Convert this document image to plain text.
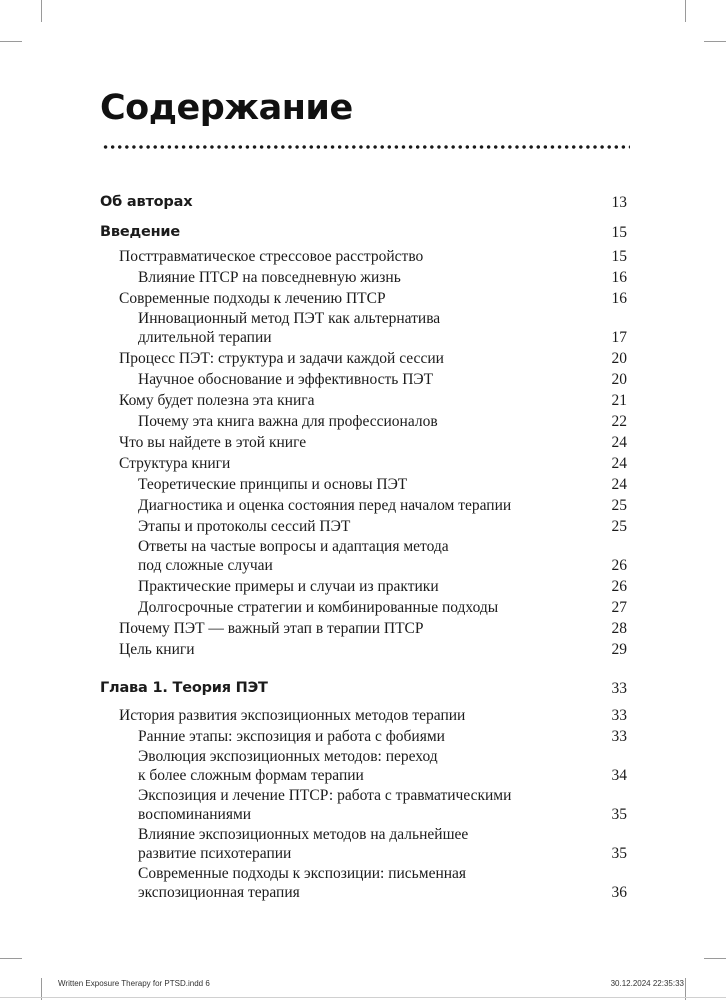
Содержание
Об авторах	13
Введение	15
Посттравматическое стрессовое расстройство	15
Влияние ПТСР на повседневную жизнь	16
Современные подходы к лечению ПТСР	16
Инновационный метод ПЭТ как альтернатива
длительной терапии	17
Процесс ПЭТ: структура и задачи каждой сессии	20
Научное обоснование и эффективность ПЭТ	20
Кому будет полезна эта книга	21
Почему эта книга важна для профессионалов	22
Что вы найдете в этой книге	24
Структура книги	24
Теоретические принципы и основы ПЭТ	24
Диагностика и оценка состояния перед началом терапии	25
Этапы и протоколы сессий ПЭТ	25
Ответы на частые вопросы и адаптация метода
под сложные случаи	26
Практические примеры и случаи из практики	26
Долгосрочные стратегии и комбинированные подходы	27
Почему ПЭТ — важный этап в терапии ПТСР	28
Цель книги	29
Глава 1. Теория ПЭТ	33
История развития экспозиционных методов терапии	33
Ранние этапы: экспозиция и работа с фобиями	33
Эволюция экспозиционных методов: переход
к более сложным формам терапии	34
Экспозиция и лечение ПТСР: работа с травматическими
воспоминаниями	35
Влияние экспозиционных методов на дальнейшее
развитие психотерапии	35
Современные подходы к экспозиции: письменная
экспозиционная терапия	36
Written Exposure Therapy for PTSD.indd 6	30.12.2024 22:35:33
